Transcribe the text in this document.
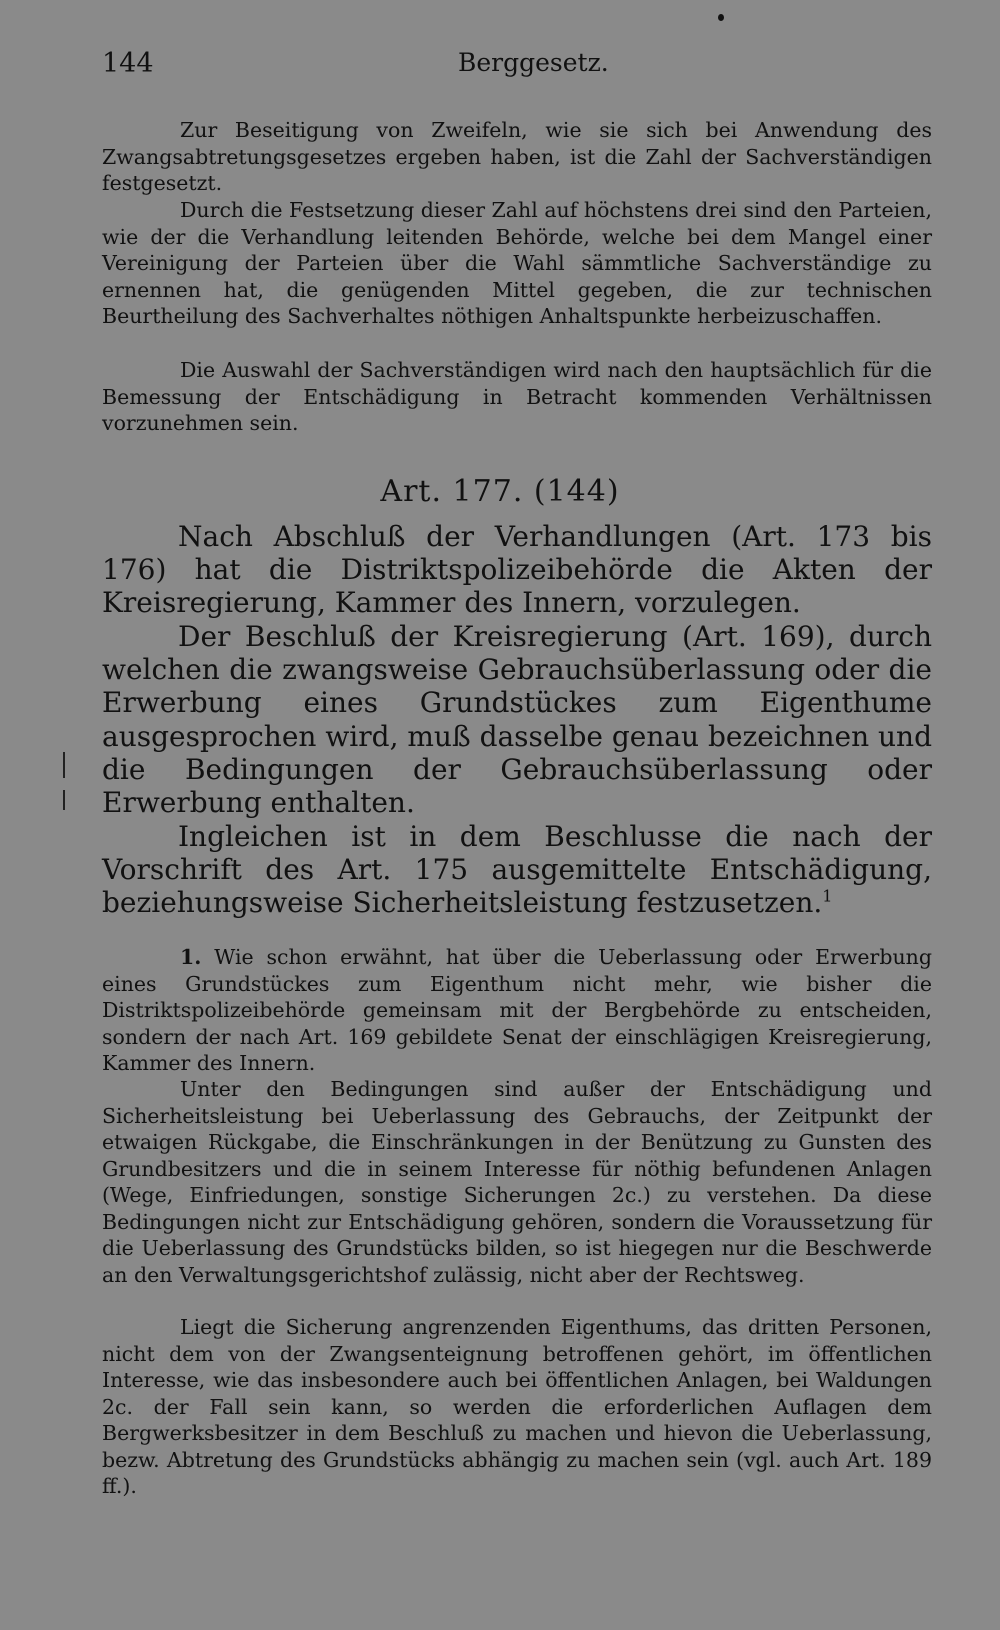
144	Berggesetz.

Zur Beseitigung von Zweifeln, wie sie sich bei Anwendung des Zwangsabtretungsgesetzes ergeben haben, ist die Zahl der Sachverständigen festgesetzt.

Durch die Festsetzung dieser Zahl auf höchstens drei sind den Parteien, wie der die Verhandlung leitenden Behörde, welche bei dem Mangel einer Vereinigung der Parteien über die Wahl sämmtliche Sachverständige zu ernennen hat, die genügenden Mittel gegeben, die zur technischen Beurtheilung des Sachverhaltes nöthigen Anhaltspunkte herbeizuschaffen.

Die Auswahl der Sachverständigen wird nach den hauptsächlich für die Bemessung der Entschädigung in Betracht kommenden Verhältnissen vorzunehmen sein.

Art. 177. (144)

Nach Abschluß der Verhandlungen (Art. 173 bis 176) hat die Distriktspolizeibehörde die Akten der Kreisregierung, Kammer des Innern, vorzulegen.

Der Beschluß der Kreisregierung (Art. 169), durch welchen die zwangsweise Gebrauchsüberlassung oder die Erwerbung eines Grundstückes zum Eigenthume ausgesprochen wird, muß dasselbe genau bezeichnen und die Bedingungen der Gebrauchsüberlassung oder Erwerbung enthalten.

Ingleichen ist in dem Beschlusse die nach der Vorschrift des Art. 175 ausgemittelte Entschädigung, beziehungsweise Sicherheitsleistung festzusetzen.$^1$

1. Wie schon erwähnt, hat über die Ueberlassung oder Erwerbung eines Grundstückes zum Eigenthum nicht mehr, wie bisher die Distriktspolizeibehörde gemeinsam mit der Bergbehörde zu entscheiden, sondern der nach Art. 169 gebildete Senat der einschlägigen Kreisregierung, Kammer des Innern.

Unter den Bedingungen sind außer der Entschädigung und Sicherheitsleistung bei Ueberlassung des Gebrauchs, der Zeitpunkt der etwaigen Rückgabe, die Einschränkungen in der Benützung zu Gunsten des Grundbesitzers und die in seinem Interesse für nöthig befundenen Anlagen (Wege, Einfriedungen, sonstige Sicherungen 2c.) zu verstehen. Da diese Bedingungen nicht zur Entschädigung gehören, sondern die Voraussetzung für die Ueberlassung des Grundstücks bilden, so ist hiegegen nur die Beschwerde an den Verwaltungsgerichtshof zulässig, nicht aber der Rechtsweg.

Liegt die Sicherung angrenzenden Eigenthums, das dritten Personen, nicht dem von der Zwangsenteignung betroffenen gehört, im öffentlichen Interesse, wie das insbesondere auch bei öffentlichen Anlagen, bei Waldungen 2c. der Fall sein kann, so werden die erforderlichen Auflagen dem Bergwerksbesitzer in dem Beschluß zu machen und hievon die Ueberlassung, bezw. Abtretung des Grundstücks abhängig zu machen sein (vgl. auch Art. 189 ff.).
